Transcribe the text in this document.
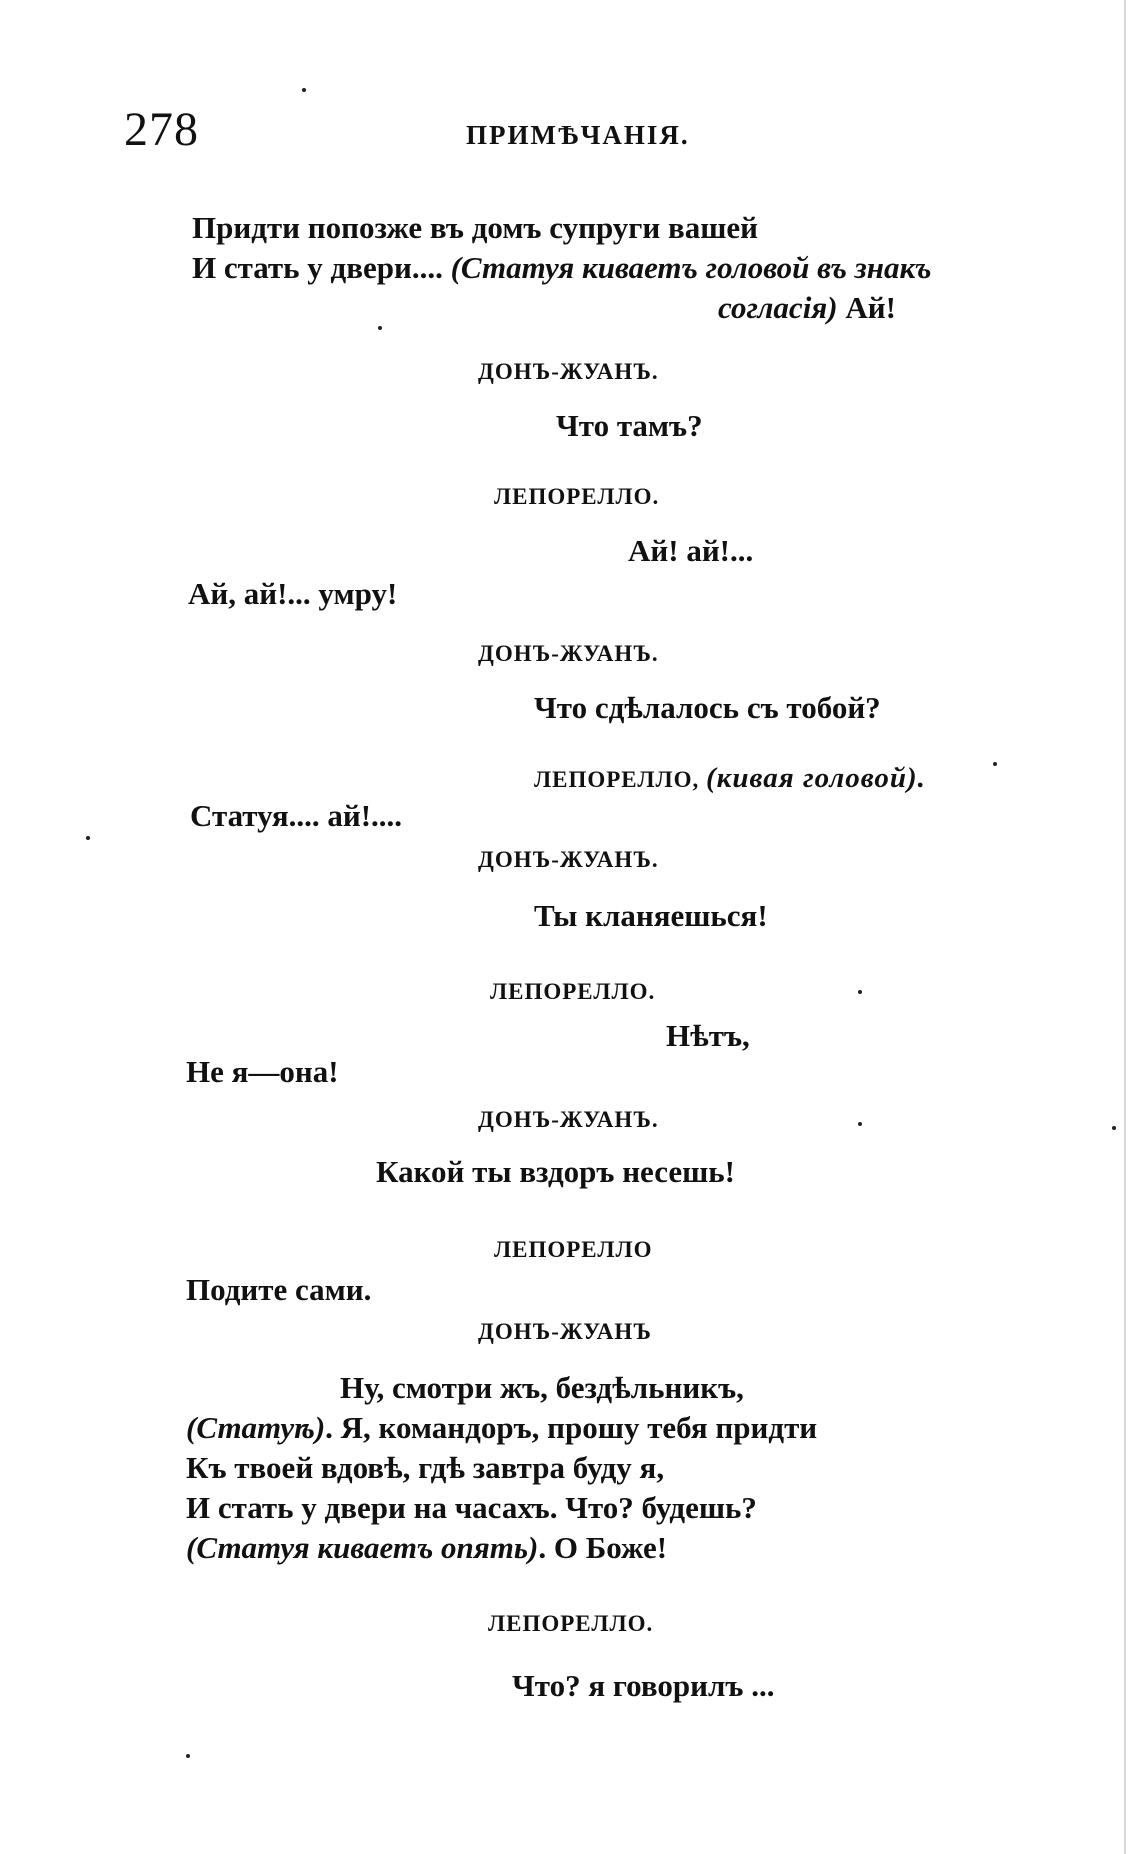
278	ПРИМѢЧАНІЯ.
Придти попозже въ домъ супруги вашей
И стать у двери.... (Статуя киваетъ головой въ знакъ
согласія) Ай!
ДОНЪ-ЖУАНЪ.
Что тамъ?
ЛЕПОРЕЛЛО.
Ай! ай!...
Ай, ай!... умру!
ДОНЪ-ЖУАНЪ.
Что сдѣлалось съ тобой?
ЛЕПОРЕЛЛО, (кивая головой).
Статуя.... ай!....
ДОНЪ-ЖУАНЪ.
Ты кланяешься!
ЛЕПОРЕЛЛО.
Нѣтъ,
Не я—она!
ДОНЪ-ЖУАНЪ.
Какой ты вздоръ несешь!
ЛЕПОРЕЛЛО
Подите сами.
ДОНЪ-ЖУАНЪ
Ну, смотри жъ, бездѣльникъ,
(Статуѣ). Я, командоръ, прошу тебя придти
Къ твоей вдовѣ, гдѣ завтра буду я,
И стать у двери на часахъ. Что? будешь?
(Статуя киваетъ опять). О Боже!
ЛЕПОРЕЛЛО.
Что? я говорилъ ...
